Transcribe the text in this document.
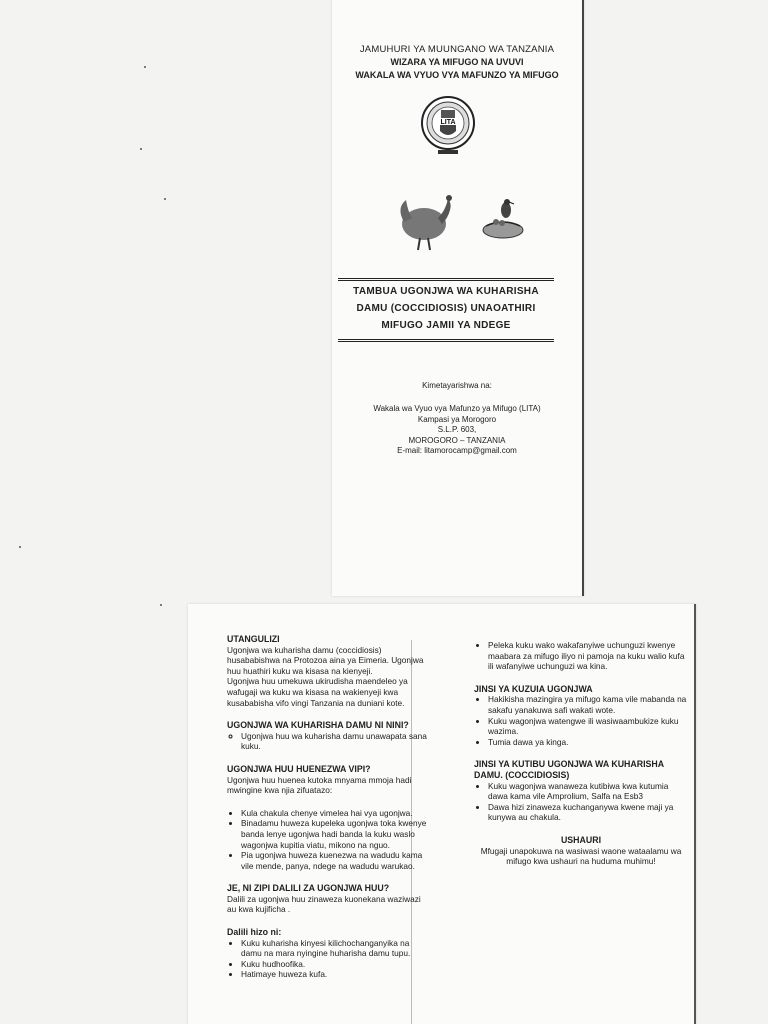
JAMUHURI YA MUUNGANO WA TANZANIA
WIZARA YA MIFUGO NA UVUVI
WAKALA WA VYUO VYA MAFUNZO YA MIFUGO
LITA
TAMBUA UGONJWA WA KUHARISHA
DAMU (COCCIDIOSIS) UNAOATHIRI
MIFUGO JAMII YA NDEGE
Kimetayarishwa na:
Wakala wa Vyuo vya Mafunzo ya Mifugo (LITA)
Kampasi ya Morogoro
S.L.P. 603,
MOROGORO – TANZANIA
E-mail: litamorocamp@gmail.com

UTANGULIZI

Ugonjwa wa kuharisha damu (coccidiosis) husababishwa na Protozoa aina ya Eimeria. Ugonjwa huu huathiri kuku wa kisasa na kienyeji.

Ugonjwa huu umekuwa ukirudisha maendeleo ya wafugaji wa kuku wa kisasa na wakienyeji kwa kusababisha vifo vingi Tanzania na duniani kote.

UGONJWA WA KUHARISHA DAMU NI NINI?

◦ Ugonjwa huu wa kuharisha damu unawapata sana kuku.

UGONJWA HUU HUENEZWA VIPI?

Ugonjwa huu huenea kutoka mnyama mmoja hadi mwingine kwa njia zifuatazo:

• Kula chakula chenye vimelea hai vya ugonjwa.
• Binadamu huweza kupeleka ugonjwa toka kwenye banda lenye ugonjwa hadi banda la kuku waslo wagonjwa kupitia viatu, mikono na nguo.
• Pia ugonjwa huweza kuenezwa na wadudu kama vile mende, panya, ndege na wadudu warukao.

JE, NI ZIPI DALILI ZA UGONJWA HUU?

Dalili za ugonjwa huu zinaweza kuonekana waziwazi au kwa kujificha .

Dalili hizo ni:

• Kuku kuharisha kinyesi kilichochanganyika na damu na mara nyingine huharisha damu tupu.
• Kuku hudhoofika.
• Hatimaye huweza kufa.
• Peleka kuku wako wakafanyiwe uchunguzi kwenye maabara za mifugo iliyo ni pamoja na kuku walio kufa ili wafanyiwe uchunguzi wa kina.

JINSI YA KUZUIA UGONJWA

• Hakikisha mazingira ya mifugo kama vile mabanda na sakafu yanakuwa safi wakati wote.
• Kuku wagonjwa watengwe ili wasiwaambukize kuku wazima.
• Tumia dawa ya kinga.

JINSI YA KUTIBU UGONJWA WA KUHARISHA DAMU. (COCCIDIOSIS)

• Kuku wagonjwa wanaweza kutibiwa kwa kutumia dawa kama vile Amprolium, Salfa na Esb3
• Dawa hizi zinaweza kuchanganywa kwene maji ya kunywa au chakula.

USHAURI

Mfugaji unapokuwa na wasiwasi waone wataalamu wa mifugo kwa ushauri na huduma muhimu!
